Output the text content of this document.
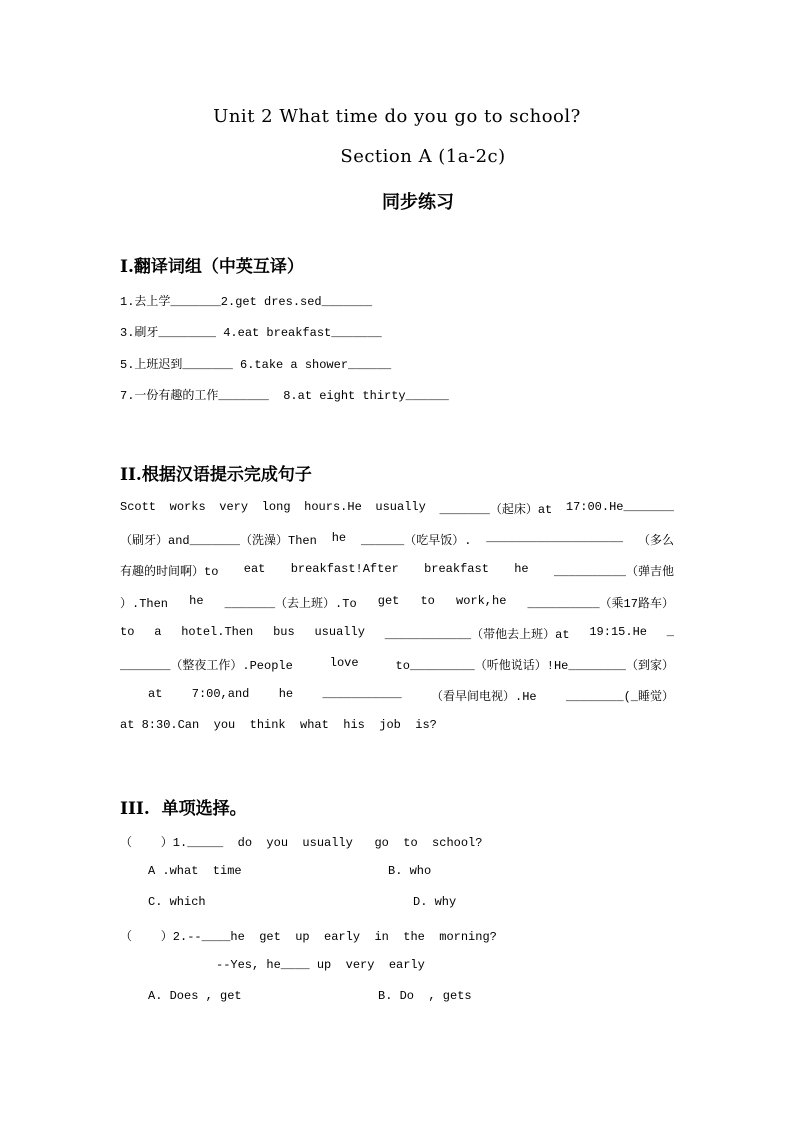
Unit 2 What time do you go to school?
Section A (1a-2c)
同步练习
I.翻译词组（中英互译）
1.去上学_______2.get dres.sed_______
3.刷牙________ 4.eat breakfast_______
5.上班迟到_______ 6.take a shower______
7.一份有趣的工作_______  8.at eight thirty______
II.根据汉语提示完成句子
Scott works very long hours.He usually _______（起床）at 17:00.He_______
（刷牙）and_______（洗澡）Then he ______（吃早饭）. ___________________ （多么
有趣的时间啊）to eat breakfast!After breakfast he __________（弹吉他
）.Then he _______（去上班）.To get to work,he __________（乘17路车）
to a hotel.Then bus usually ____________（带他去上班）at 19:15.He _
_______（整夜工作）.People	love	to_________（听他说话）!He________（到家）
at 7:00,and he ___________ （看早间电视）.He ________(_睡觉）
at 8:30.Can  you  think  what  his  job  is?
III.  单项选择。
（    ）1._____  do  you  usually   go  to  school?
A .what  time	B. who
C. which	D. why
（    ）2.--____he  get  up  early  in  the  morning?
--Yes, he____ up  very  early
A. Does , get	B. Do  , gets
